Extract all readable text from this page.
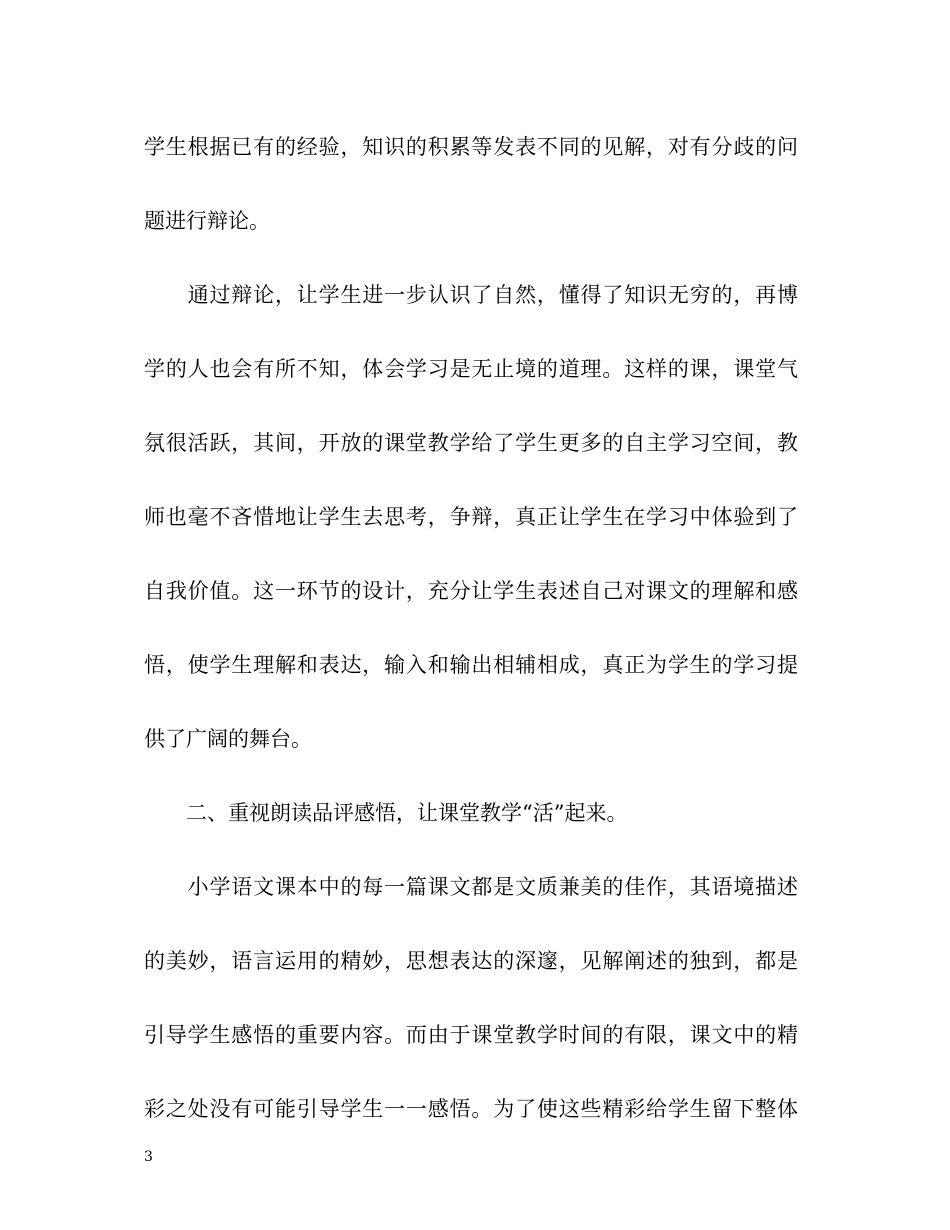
学生根据已有的经验，知识的积累等发表不同的见解，对有分歧的问
题进行辩论。
　　通过辩论，让学生进一步认识了自然，懂得了知识无穷的，再博
学的人也会有所不知，体会学习是无止境的道理。这样的课，课堂气
氛很活跃，其间，开放的课堂教学给了学生更多的自主学习空间，教
师也毫不吝惜地让学生去思考，争辩，真正让学生在学习中体验到了
自我价值。这一环节的设计，充分让学生表述自己对课文的理解和感
悟，使学生理解和表达，输入和输出相辅相成，真正为学生的学习提
供了广阔的舞台。
　　二、重视朗读品评感悟，让课堂教学“活”起来。
　　小学语文课本中的每一篇课文都是文质兼美的佳作，其语境描述
的美妙，语言运用的精妙，思想表达的深邃，见解阐述的独到，都是
引导学生感悟的重要内容。而由于课堂教学时间的有限，课文中的精
彩之处没有可能引导学生一一感悟。为了使这些精彩给学生留下整体
3
